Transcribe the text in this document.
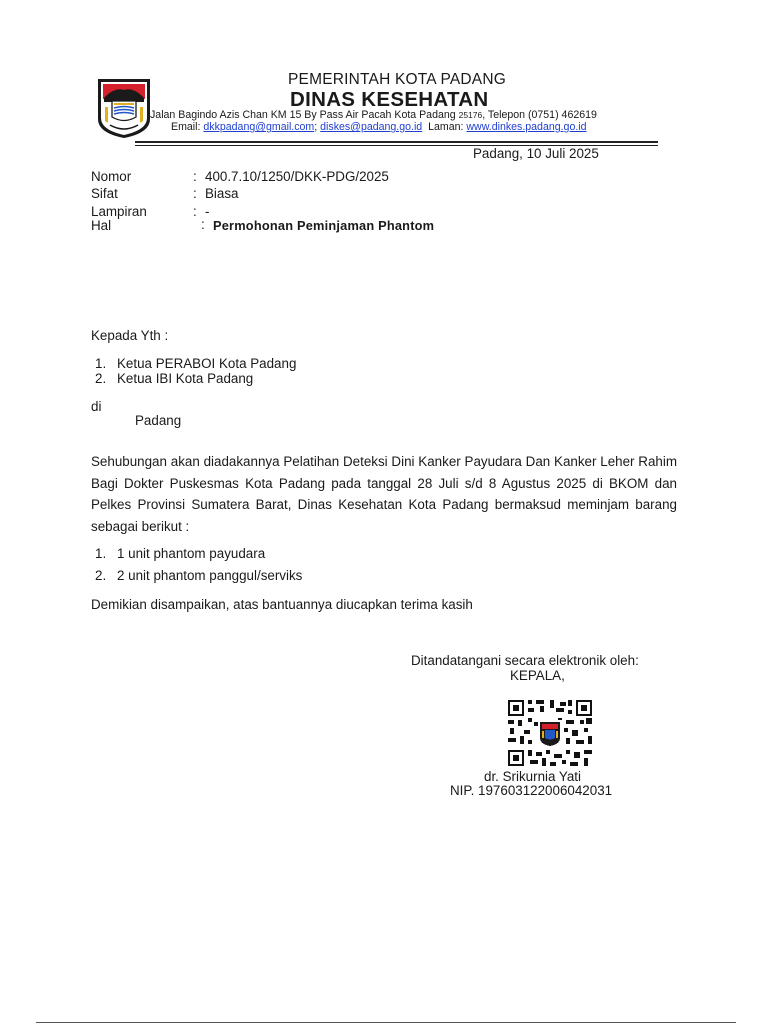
PEMERINTAH KOTA PADANG
DINAS KESEHATAN
Jalan Bagindo Azis Chan KM 15 By Pass Air Pacah Kota Padang 25176, Telepon (0751) 462619
Email: dkkpadang@gmail.com; diskes@padang.go.id  Laman: www.dinkes.padang.go.id
Padang, 10 Juli 2025
Nomor	: 400.7.10/1250/DKK-PDG/2025
Sifat	: Biasa
Lampiran	: -
Hal	: Permohonan Peminjaman Phantom
Kepada Yth :
1. Ketua PERABOI Kota Padang
2. Ketua IBI Kota Padang
di
Padang
Sehubungan akan diadakannya Pelatihan Deteksi Dini Kanker Payudara Dan Kanker Leher Rahim Bagi Dokter Puskesmas Kota Padang pada tanggal 28 Juli s/d 8 Agustus 2025 di BKOM dan Pelkes Provinsi Sumatera Barat, Dinas Kesehatan Kota Padang bermaksud meminjam barang sebagai berikut :
1. 1 unit phantom payudara
2. 2 unit phantom panggul/serviks
Demikian disampaikan, atas bantuannya diucapkan terima kasih
Ditandatangani secara elektronik oleh:
KEPALA,
dr. Srikurnia Yati
NIP. 197603122006042031
